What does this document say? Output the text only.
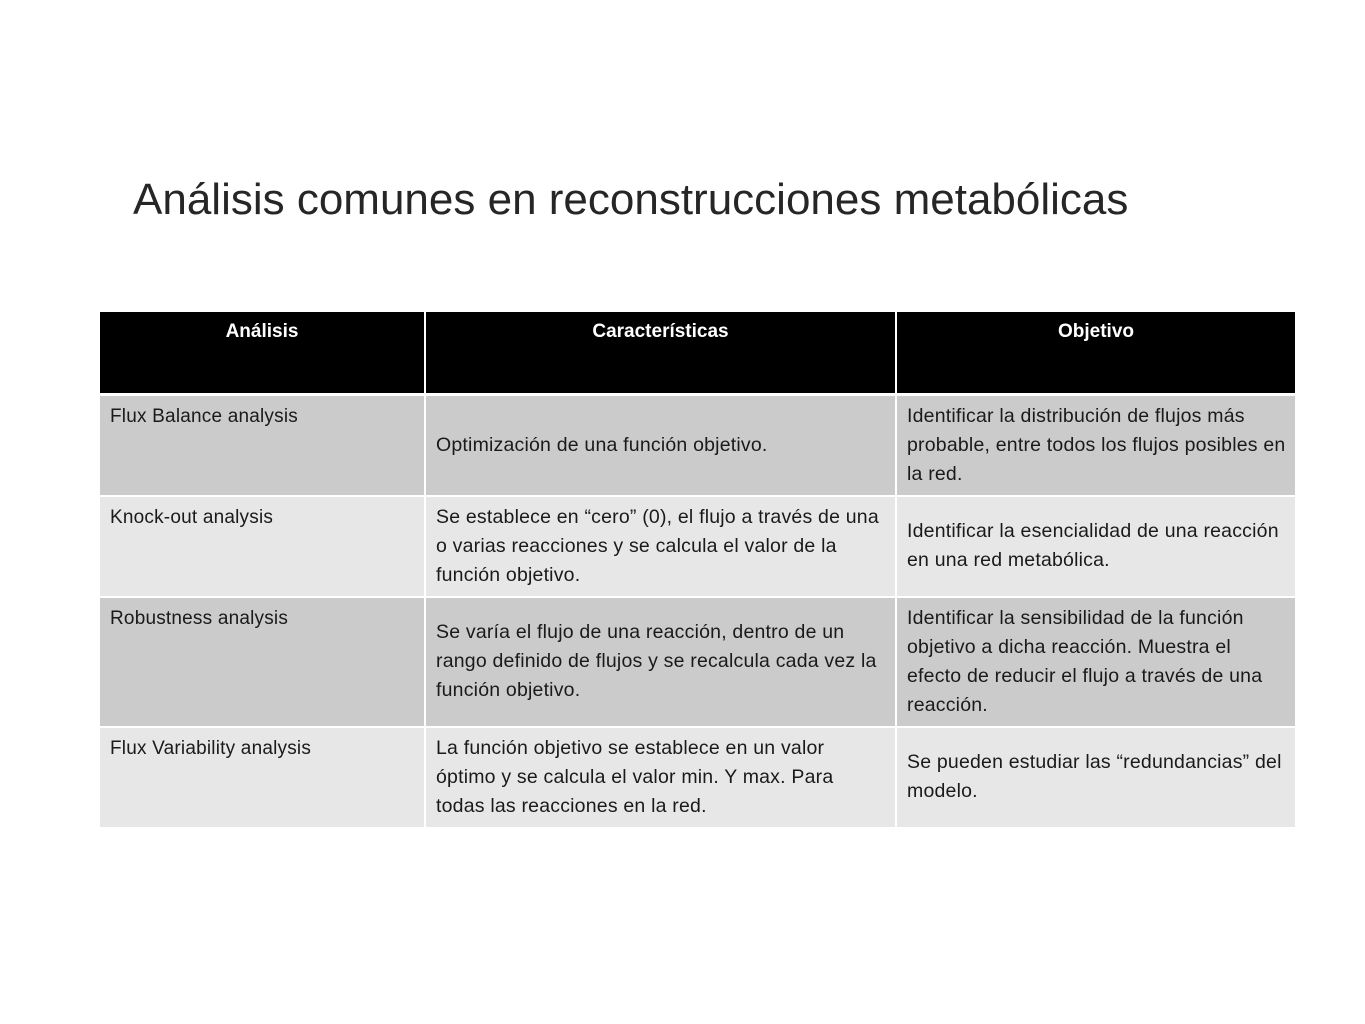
Análisis comunes en reconstrucciones metabólicas
Análisis	Características	Objetivo
Flux Balance analysis	Optimización de una función objetivo.	Identificar la distribución de flujos más probable, entre todos los flujos posibles en la red.
Knock-out analysis	Se establece en “cero” (0), el flujo a través de una o varias reacciones y se calcula el valor de la función objetivo.	Identificar la esencialidad de una reacción en una red metabólica.
Robustness analysis	Se varía el flujo de una reacción, dentro de un rango definido de flujos y se recalcula cada vez la función objetivo.	Identificar la sensibilidad de la función objetivo a dicha reacción. Muestra el efecto de reducir el flujo a través de una reacción.
Flux Variability analysis	La función objetivo se establece en un valor óptimo y se calcula el valor min. Y max. Para todas las reacciones en la red.	Se pueden estudiar las “redundancias” del modelo.
